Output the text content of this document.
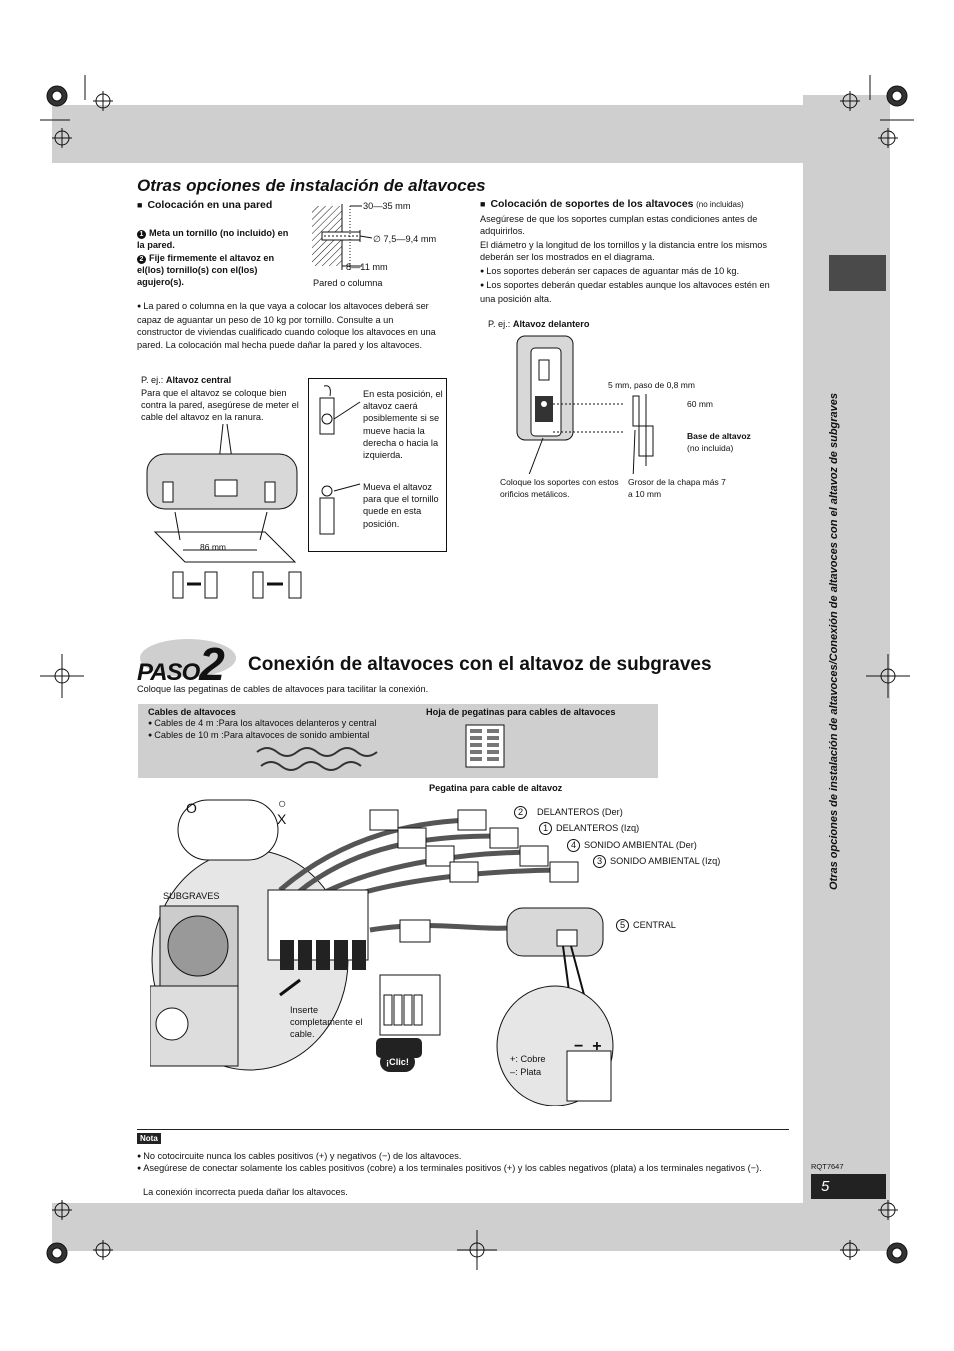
Otras opciones de instalación de altavoces/Conexión de altavoces con el altavoz de subgraves
Otras opciones de instalación de altavoces
■ Colocación en una pared
1 Meta un tornillo (no incluido) en la pared.
2 Fije firmemente el altavoz en el(los) tornillo(s) con el(los) agujero(s).
30—35 mm
∅ 7,5—9,4 mm
8—11 mm
Pared o columna
● La pared o columna en la que vaya a colocar los altavoces deberá ser capaz de aguantar un peso de 10 kg por tornillo. Consulte a un constructor de viviendas cualificado cuando coloque los altavoces en una pared. La colocación mal hecha puede dañar la pared y los altavoces.
P. ej.: Altavoz central
Para que el altavoz se coloque bien contra la pared, asegúrese de meter el cable del altavoz en la ranura.
86 mm
En esta posición, el altavoz caerá posiblemente si se mueve hacia la derecha o hacia la izquierda.
Mueva el altavoz para que el tornillo quede en esta posición.
■ Colocación de soportes de los altavoces (no incluidas)
Asegúrese de que los soportes cumplan estas condiciones antes de adquirirlos.
El diámetro y la longitud de los tornillos y la distancia entre los mismos deberán ser los mostrados en el diagrama.
● Los soportes deberán ser capaces de aguantar más de 10 kg.
● Los soportes deberán quedar estables aunque los altavoces estén en una posición alta.
P. ej.: Altavoz delantero
5 mm, paso de 0,8 mm
60 mm
Base de altavoz
(no incluida)
Coloque los soportes con estos orificios metálicos.
Grosor de la chapa más 7 a 10 mm
PASO2 Conexión de altavoces con el altavoz de subgraves
Coloque las pegatinas de cables de altavoces para tacilitar la conexión.
Cables de altavoces
● Cables de 4 m :Para los altavoces delanteros y central
● Cables de 10 m :Para altavoces de sonido ambiental
Hoja de pegatinas para cables de altavoces
Pegatina para cable de altavoz
O	○
X	2 DELANTEROS (Der)
1 DELANTEROS (Izq)
4 SONIDO AMBIENTAL (Der)
3 SONIDO AMBIENTAL (Izq)
SUBGRAVES
5 CENTRAL
−  +
Inserte completamente el cable.
¡Clic!	+: Cobre
–: Plata
Nota
● No cotocircuite nunca los cables positivos (+) y negativos (−) de los altavoces.
● Asegúrese de conectar solamente los cables positivos (cobre) a los terminales positivos (+) y los cables negativos (plata) a los terminales negativos (−).
La conexión incorrecta pueda dañar los altavoces.
RQT7647
5
